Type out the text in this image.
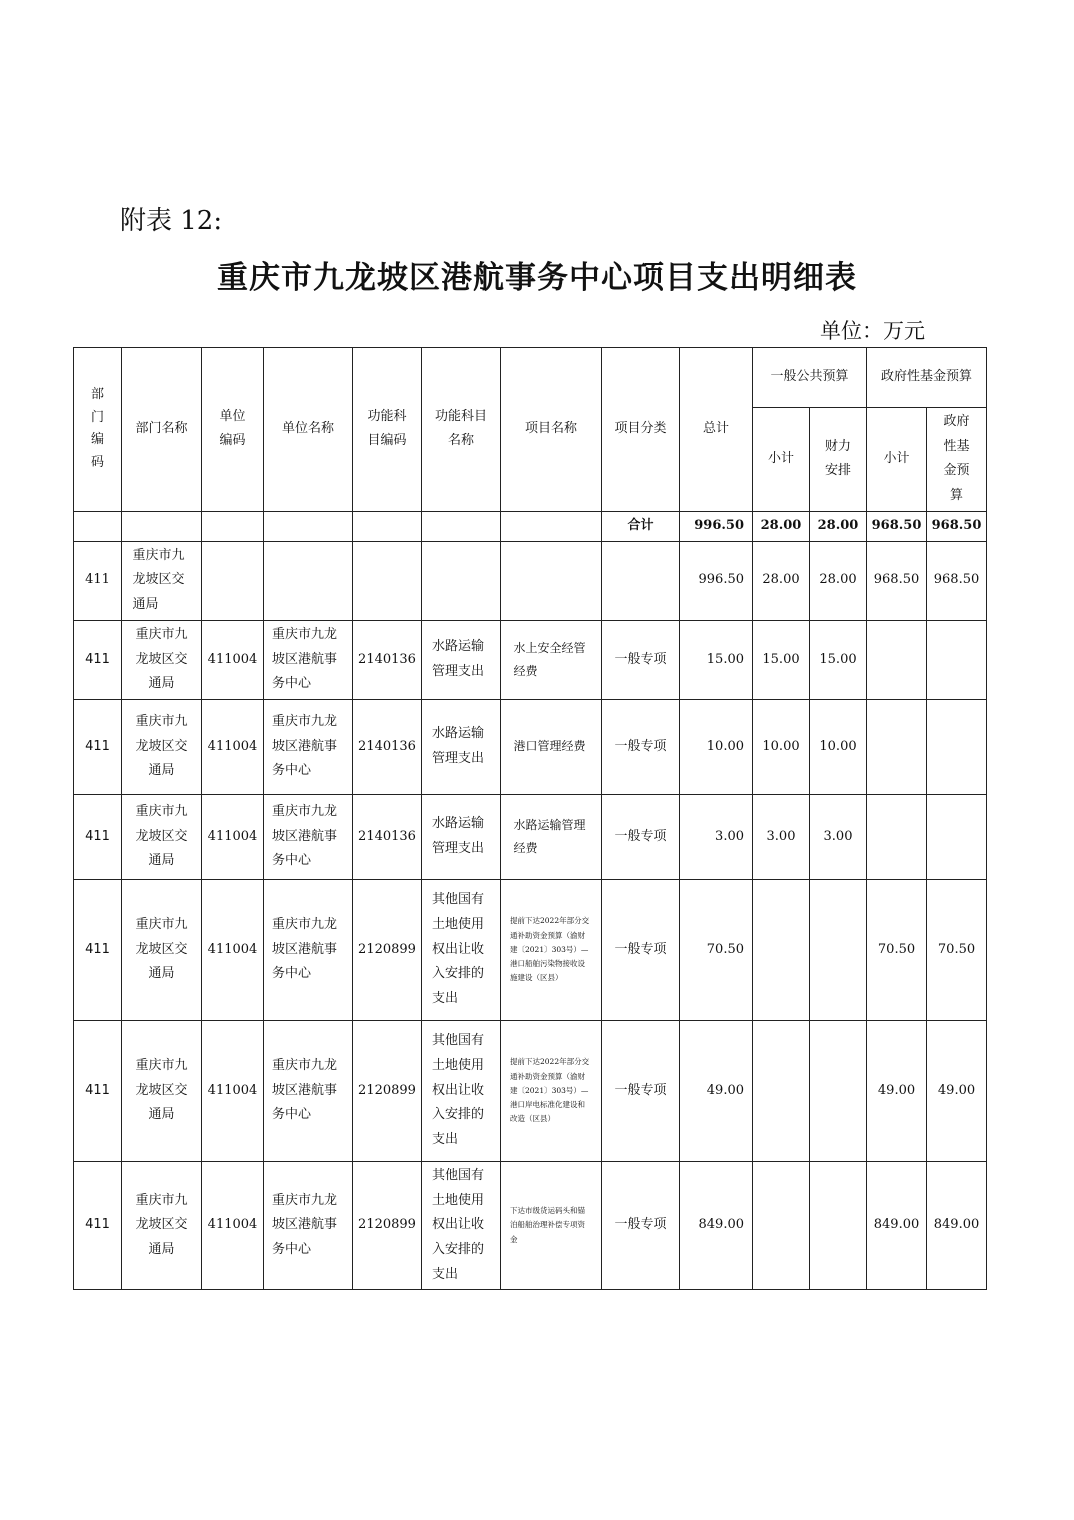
附表 12:
重庆市九龙坡区港航事务中心项目支出明细表
单位：万元
部门编码	部门名称	单位编码	单位名称	功能科目编码	功能科目名称	项目名称	项目分类	总计	一般公共预算		政府性基金预算	

									小计	财力安排	小计	政府性基金预算

							合计	996.50	28.00	28.00	968.50	968.50
411	重庆市九龙坡区交通局							996.50	28.00	28.00	968.50	968.50
411	重庆市九龙坡区交通局	411004	重庆市九龙坡区港航事务中心	2140136	水路运输管理支出	水上安全经管经费	一般专项	15.00	15.00	15.00		
411	重庆市九龙坡区交通局	411004	重庆市九龙坡区港航事务中心	2140136	水路运输管理支出	港口管理经费	一般专项	10.00	10.00	10.00		
411	重庆市九龙坡区交通局	411004	重庆市九龙坡区港航事务中心	2140136	水路运输管理支出	水路运输管理经费	一般专项	3.00	3.00	3.00		
411	重庆市九龙坡区交通局	411004	重庆市九龙坡区港航事务中心	2120899	其他国有土地使用权出让收入安排的支出	提前下达2022年部分交通补助资金预算（渝财建〔2021〕303号）—港口船舶污染物接收设施建设（区县）	一般专项	70.50			70.50	70.50
411	重庆市九龙坡区交通局	411004	重庆市九龙坡区港航事务中心	2120899	其他国有土地使用权出让收入安排的支出	提前下达2022年部分交通补助资金预算（渝财建〔2021〕303号）—港口岸电标准化建设和改造（区县）	一般专项	49.00			49.00	49.00
411	重庆市九龙坡区交通局	411004	重庆市九龙坡区港航事务中心	2120899	其他国有土地使用权出让收入安排的支出	下达市级货运码头和锚泊船舶治理补偿专项资金	一般专项	849.00			849.00	849.00
